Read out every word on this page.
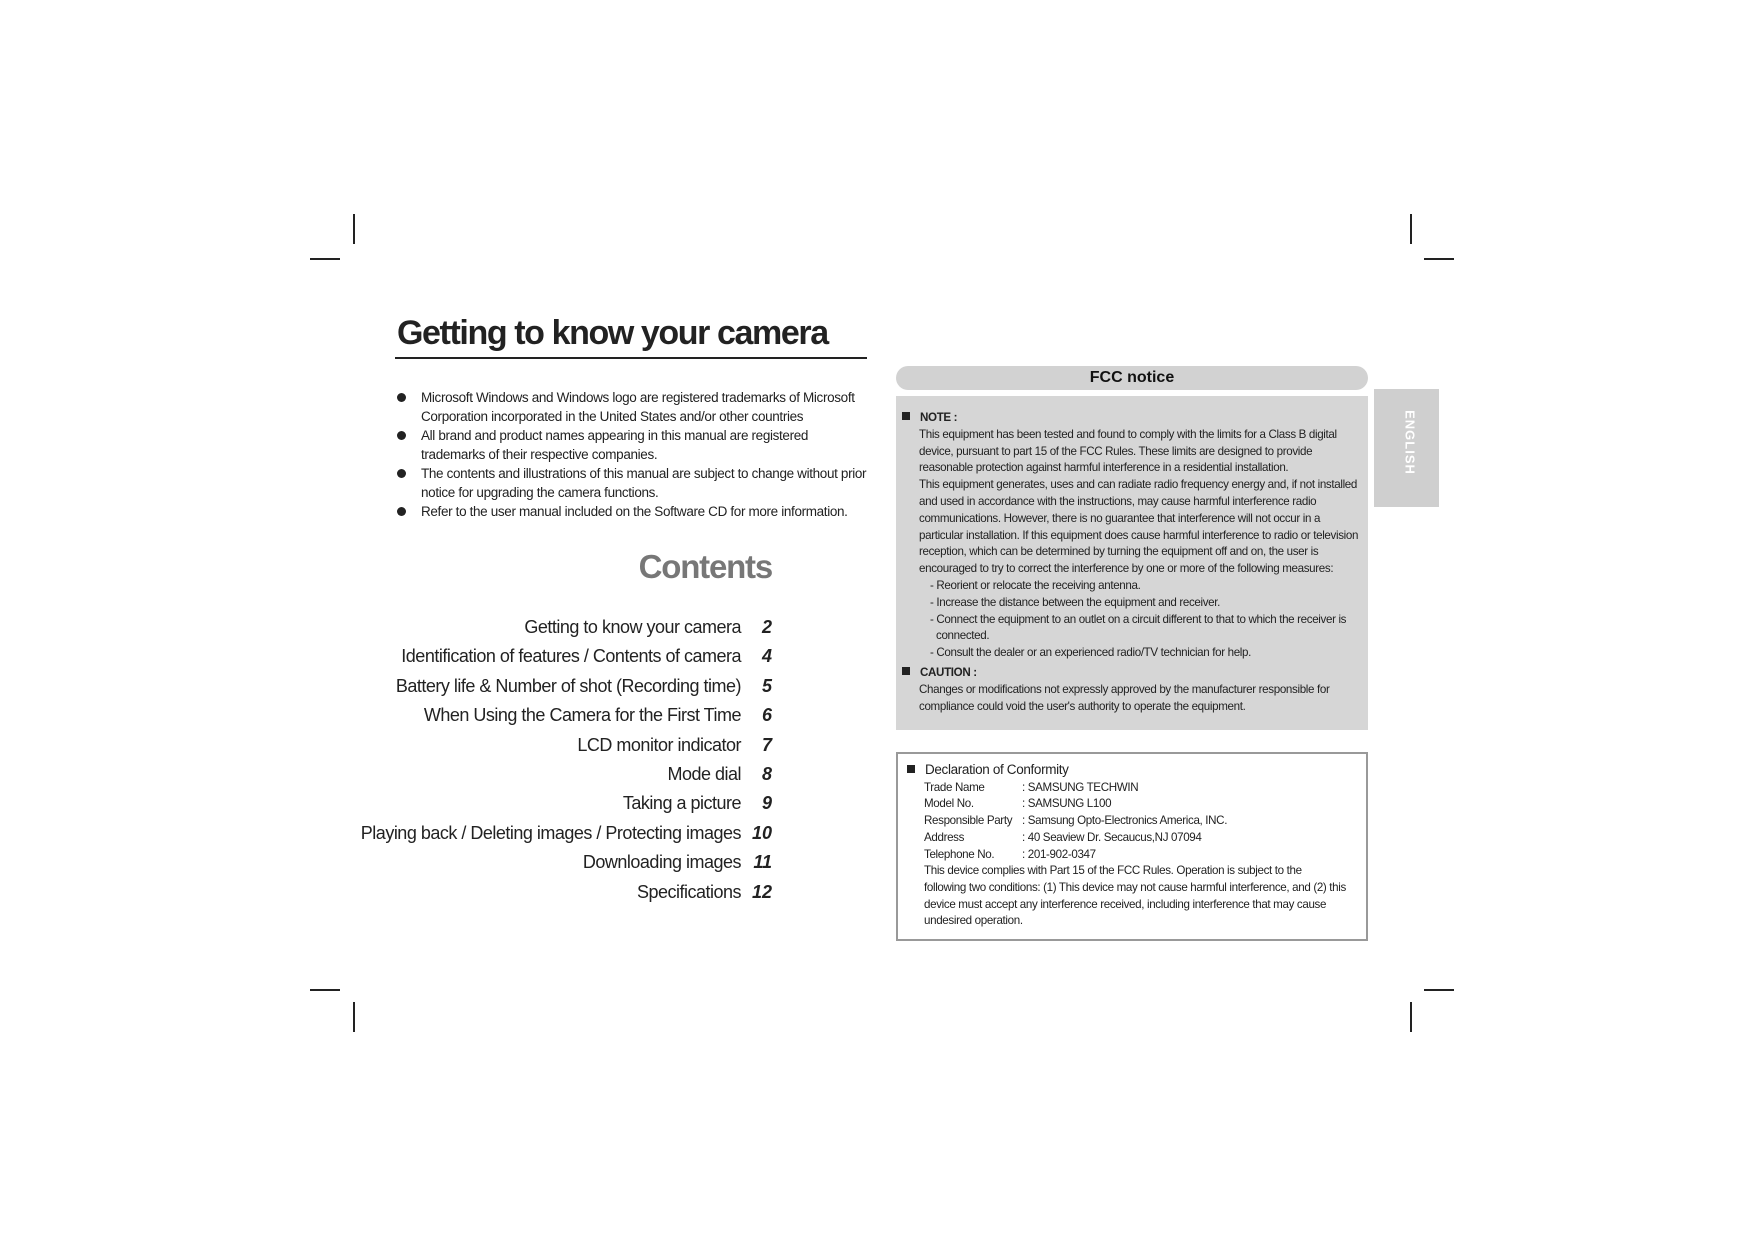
Getting to know your camera
Microsoft Windows and Windows logo are registered trademarks of Microsoft Corporation incorporated in the United States and/or other countries
All brand and product names appearing in this manual are registered trademarks of their respective companies.
The contents and illustrations of this manual are subject to change without prior notice for upgrading the camera functions.
Refer to the user manual included on the Software CD for more information.
Contents
Getting to know your camera 2
Identification of features / Contents of camera 4
Battery life & Number of shot (Recording time) 5
When Using the Camera for the First Time 6
LCD monitor indicator 7
Mode dial 8
Taking a picture 9
Playing back / Deleting images / Protecting images 10
Downloading images 11
Specifications 12
FCC notice
NOTE :
This equipment has been tested and found to comply with the limits for a Class B digital device, pursuant to part 15 of the FCC Rules. These limits are designed to provide reasonable protection against harmful interference in a residential installation.
This equipment generates, uses and can radiate radio frequency energy and, if not installed and used in accordance with the instructions, may cause harmful interference radio communications. However, there is no guarantee that interference will not occur in a particular installation. If this equipment does cause harmful interference to radio or television reception, which can be determined by turning the equipment off and on, the user is encouraged to try to correct the interference by one or more of the following measures:
- Reorient or relocate the receiving antenna.
- Increase the distance between the equipment and receiver.
- Connect the equipment to an outlet on a circuit different to that to which the receiver is connected.
- Consult the dealer or an experienced radio/TV technician for help.
CAUTION :
Changes or modifications not expressly approved by the manufacturer responsible for compliance could void the user's authority to operate the equipment.
ENGLISH
Declaration of Conformity
Trade Name	: SAMSUNG TECHWIN
Model No.	: SAMSUNG L100
Responsible Party : Samsung Opto-Electronics America, INC.
Address	: 40 Seaview Dr. Secaucus,NJ 07094
Telephone No.	: 201-902-0347
This device complies with Part 15 of the FCC Rules. Operation is subject to the following two conditions: (1) This device may not cause harmful interference, and (2) this device must accept any interference received, including interference that may cause undesired operation.
